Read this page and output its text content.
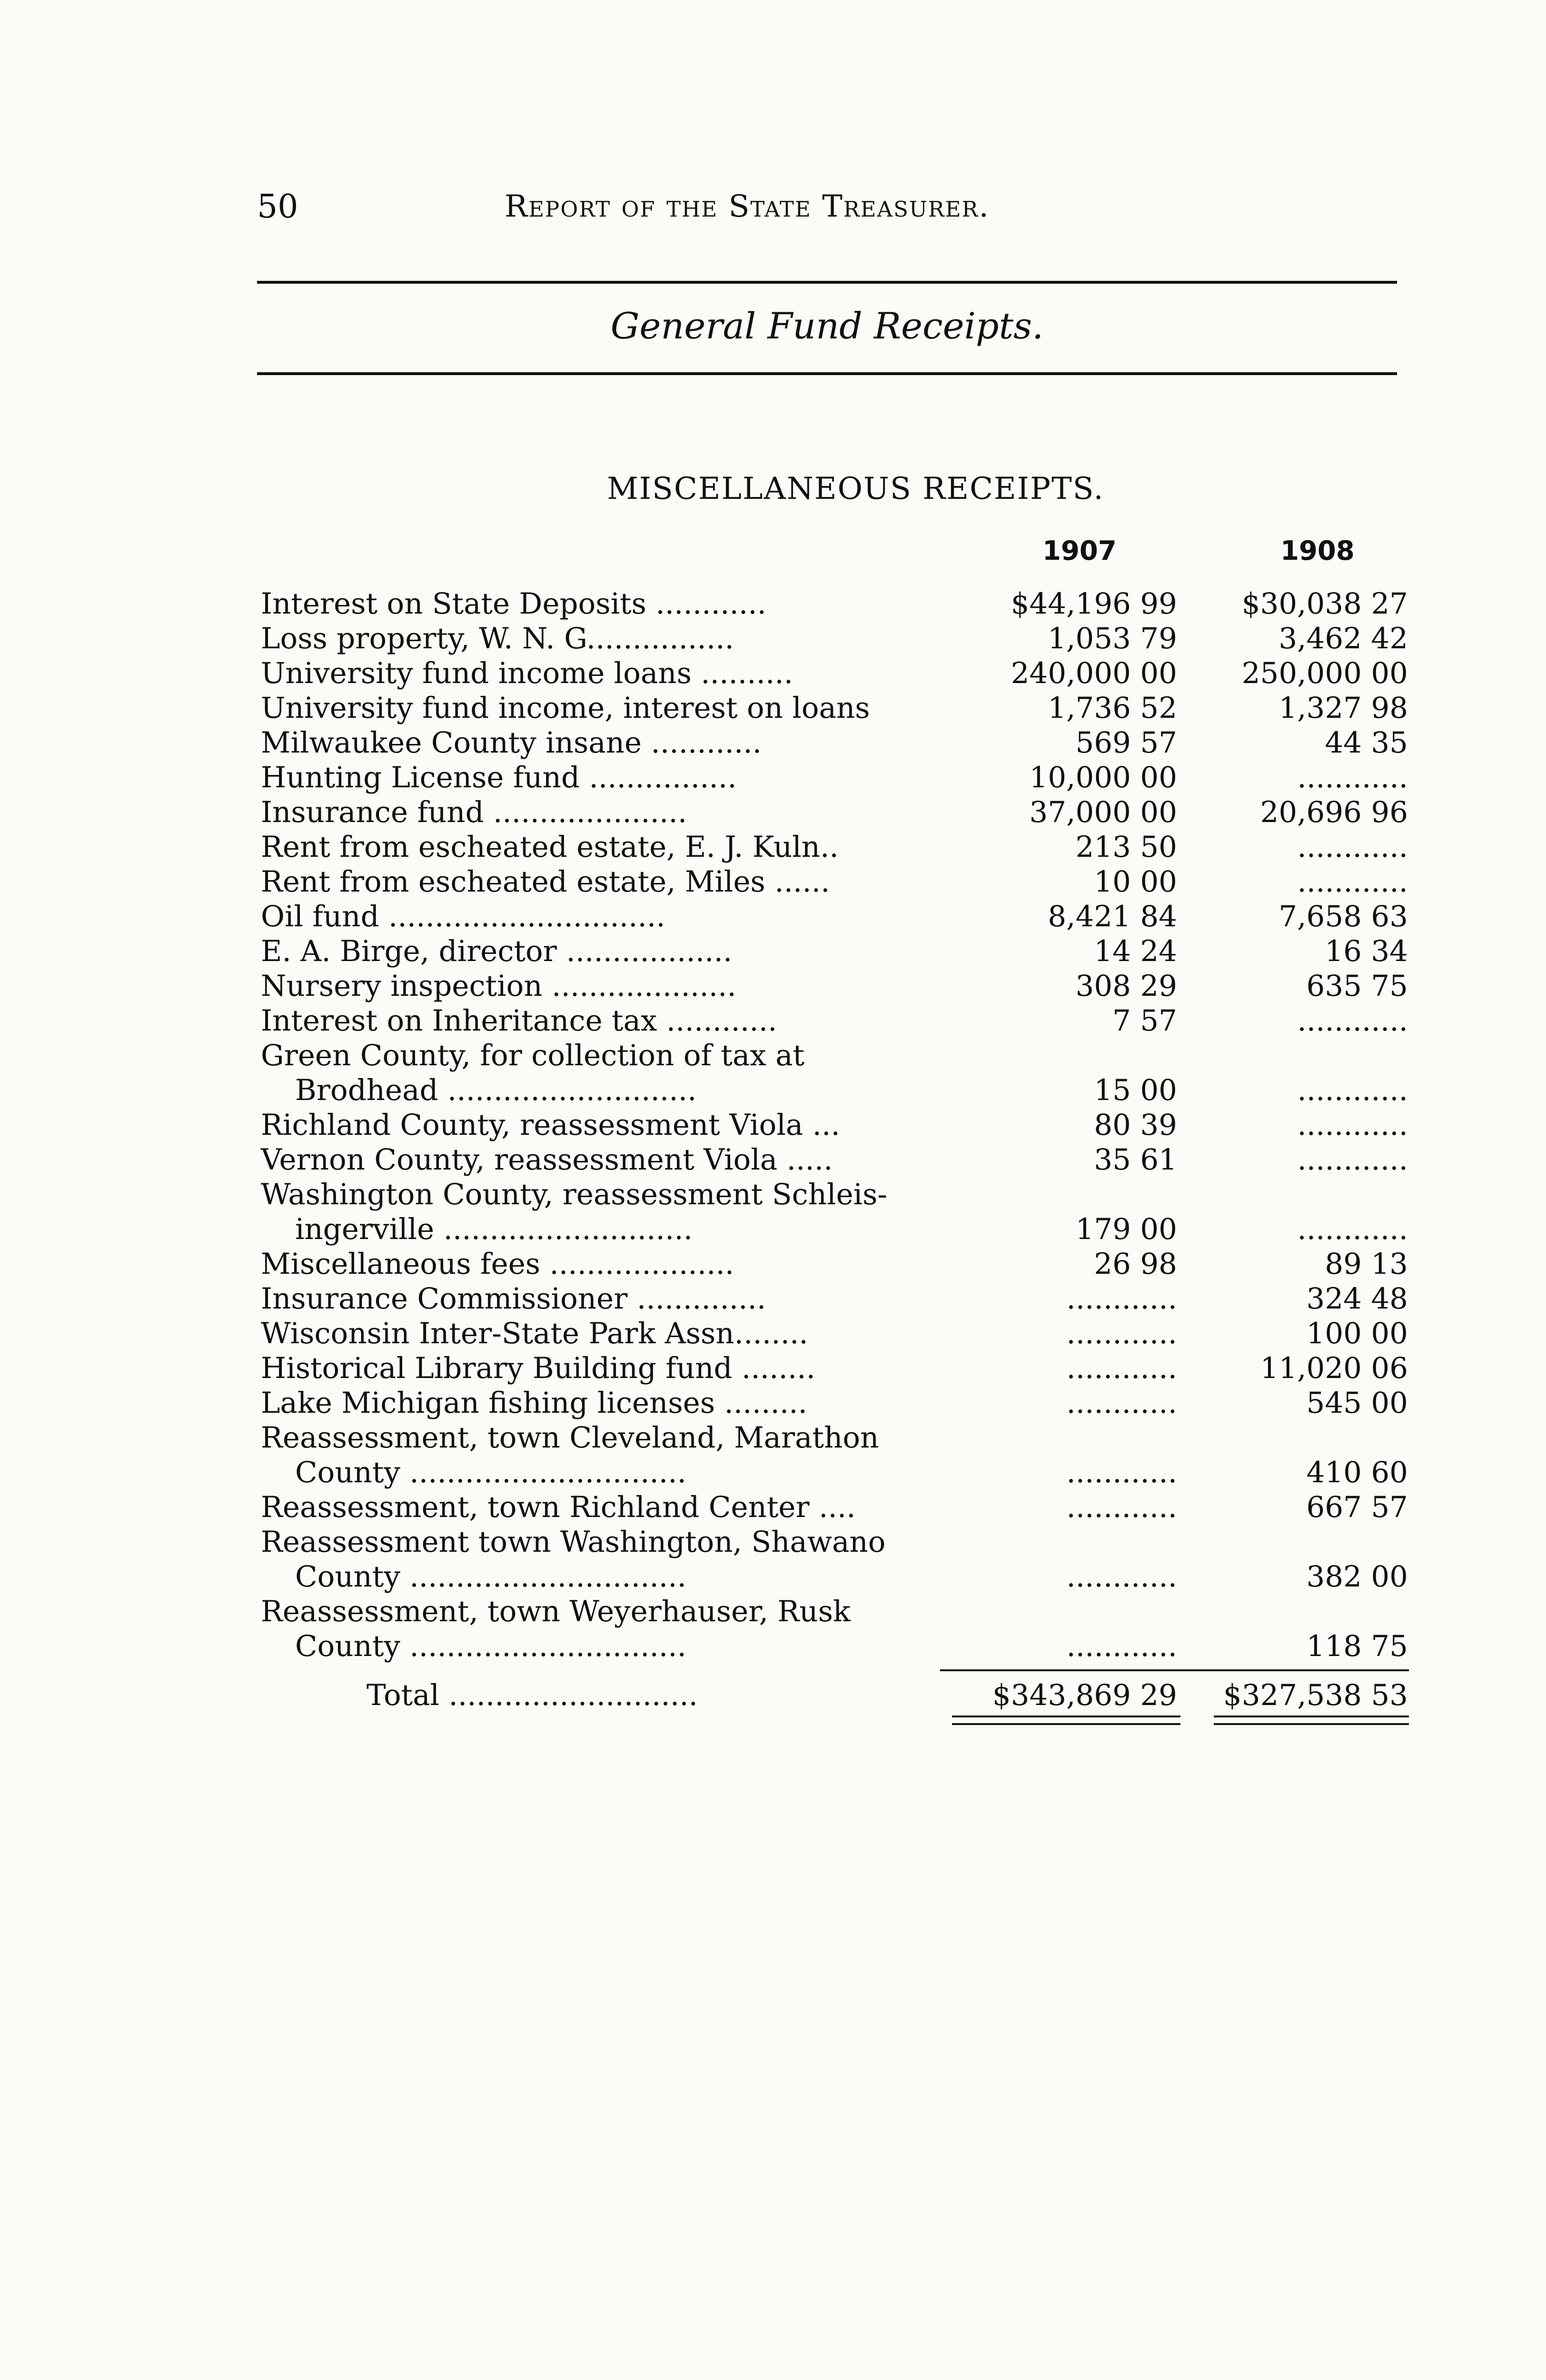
50	Report of the State Treasurer.
General Fund Receipts.
MISCELLANEOUS RECEIPTS.
1907	1908
Interest on State Deposits ............	$44,196 99	$30,038 27
Loss property, W. N. G................	1,053 79	3,462 42
University fund income loans ..........	240,000 00	250,000 00
University fund income, interest on loans	1,736 52	1,327 98
Milwaukee County insane ............	569 57	44 35
Hunting License fund ................	10,000 00	............
Insurance fund .....................	37,000 00	20,696 96
Rent from escheated estate, E. J. Kuln..	213 50	............
Rent from escheated estate, Miles ......	10 00	............
Oil fund ..............................	8,421 84	7,658 63
E. A. Birge, director ..................	14 24	16 34
Nursery inspection ....................	308 29	635 75
Interest on Inheritance tax ............	7 57	............
Green County, for collection of tax at
Brodhead ...........................	15 00	............
Richland County, reassessment Viola ...	80 39	............
Vernon County, reassessment Viola .....	35 61	............
Washington County, reassessment Schleis-
ingerville ...........................	179 00	............
Miscellaneous fees ....................	26 98	89 13
Insurance Commissioner ..............	............	324 48
Wisconsin Inter-State Park Assn........	............	100 00
Historical Library Building fund ........	............	11,020 06
Lake Michigan fishing licenses .........	............	545 00
Reassessment, town Cleveland, Marathon
County ..............................	............	410 60
Reassessment, town Richland Center ....	............	667 57
Reassessment town Washington, Shawano
County ..............................	............	382 00
Reassessment, town Weyerhauser, Rusk
County ..............................	............	118 75
Total ...........................	$343,869 29	$327,538 53
